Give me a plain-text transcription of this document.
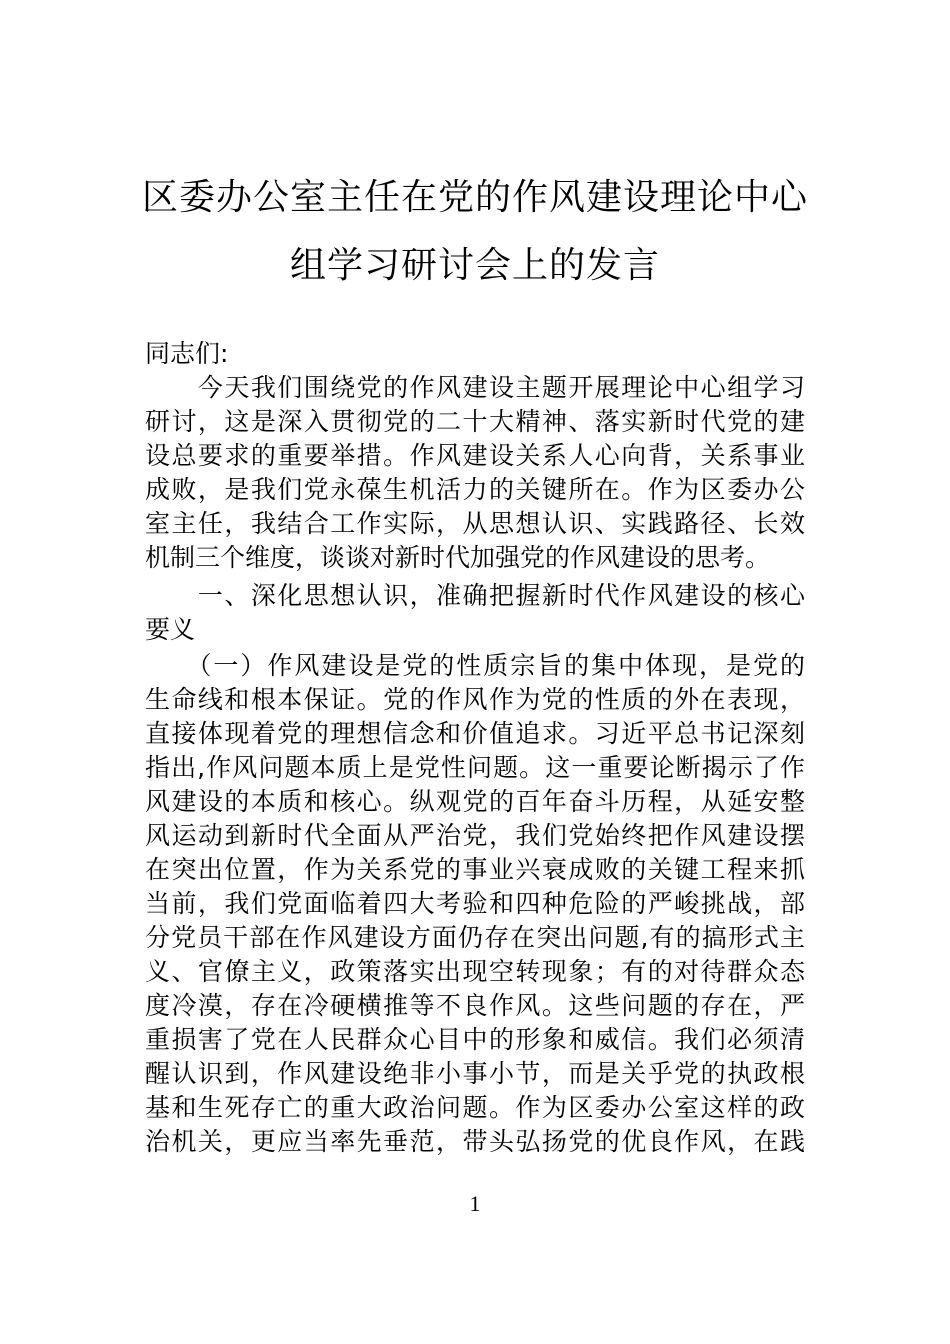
区委办公室主任在党的作风建设理论中心
组学习研讨会上的发言
同志们:
　　今天我们围绕党的作风建设主题开展理论中心组学习
研讨，这是深入贯彻党的二十大精神、落实新时代党的建
设总要求的重要举措。作风建设关系人心向背，关系事业
成败，是我们党永葆生机活力的关键所在。作为区委办公
室主任，我结合工作实际，从思想认识、实践路径、长效
机制三个维度，谈谈对新时代加强党的作风建设的思考。
　　一、深化思想认识，准确把握新时代作风建设的核心
要义
　　（一）作风建设是党的性质宗旨的集中体现，是党的
生命线和根本保证。党的作风作为党的性质的外在表现，
直接体现着党的理想信念和价值追求。习近平总书记深刻
指出,作风问题本质上是党性问题。这一重要论断揭示了作
风建设的本质和核心。纵观党的百年奋斗历程，从延安整
风运动到新时代全面从严治党，我们党始终把作风建设摆
在突出位置，作为关系党的事业兴衰成败的关键工程来抓
当前，我们党面临着四大考验和四种危险的严峻挑战，部
分党员干部在作风建设方面仍存在突出问题,有的搞形式主
义、官僚主义，政策落实出现空转现象；有的对待群众态
度冷漠，存在冷硬横推等不良作风。这些问题的存在，严
重损害了党在人民群众心目中的形象和威信。我们必须清
醒认识到，作风建设绝非小事小节，而是关乎党的执政根
基和生死存亡的重大政治问题。作为区委办公室这样的政
治机关，更应当率先垂范，带头弘扬党的优良作风，在践
1
